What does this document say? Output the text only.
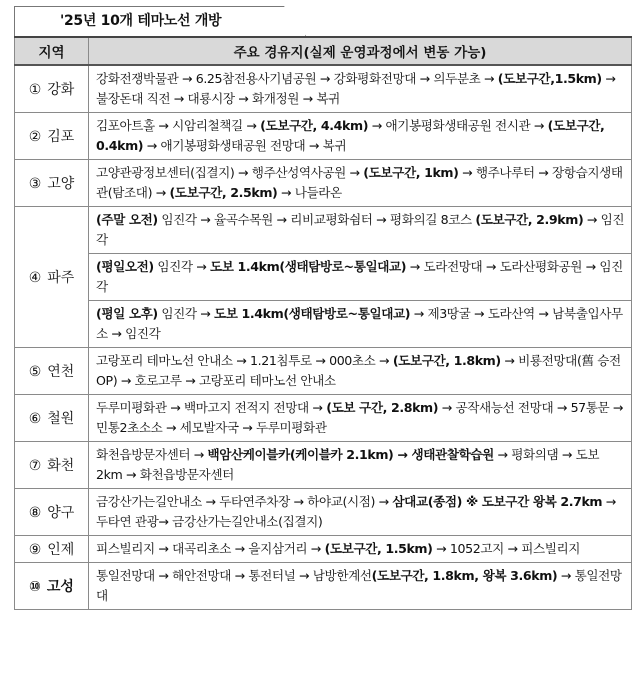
'25년 10개 테마노선 개방
지역	주요 경유지(실제 운영과정에서 변동 가능)
① 강화	강화전쟁박물관 → 6.25참전용사기념공원 → 강화평화전망대 → 의두분초 → (도보구간,1.5km) → 불장돈대 직전 → 대룡시장 → 화개정원 → 복귀
② 김포	김포아트홀 → 시암리철책길 → (도보구간, 4.4km) → 애기봉평화생태공원 전시관 → (도보구간, 0.4km) → 애기봉평화생태공원 전망대 → 복귀
③ 고양	고양관광정보센터(집결지) → 행주산성역사공원 → (도보구간, 1km) → 행주나루터 → 장항습지생태관(탐조대) → (도보구간, 2.5km) → 나들라온
④ 파주	(주말 오전) 임진각 → 율곡수목원 → 리비교평화쉼터 → 평화의길 8코스 (도보구간, 2.9km) → 임진각
	(평일오전) 임진각 → 도보 1.4km(생태탐방로~통일대교) → 도라전망대 → 도라산평화공원 → 임진각
	(평일 오후) 임진각 → 도보 1.4km(생태탐방로~통일대교) → 제3땅굴 → 도라산역 → 남북출입사무소 → 임진각
⑤ 연천	고랑포리 테마노선 안내소 → 1.21침투로 → 000초소 → (도보구간, 1.8km) → 비룡전망대(舊 승전OP) → 호로고루 → 고랑포리 테마노선 안내소
⑥ 철원	두루미평화관 → 백마고지 전적지 전망대 → (도보 구간, 2.8km) → 공작새능선 전망대 → 57통문 → 민통2초소소 → 세모발자국 → 두루미평화관
⑦ 화천	화천읍방문자센터 → 백암산케이블카(케이블카 2.1km) → 생태관찰학습원 → 평화의댐 → 도보 2km → 화천읍방문자센터
⑧ 양구	금강산가는길안내소 → 두타연주차장 → 하야교(시점) → 삼대교(종점) ※ 도보구간 왕복 2.7km → 두타연 관광→ 금강산가는길안내소(집결지)
⑨ 인제	피스빌리지 → 대곡리초소 → 을지삼거리 → (도보구간, 1.5km) → 1052고지 → 피스빌리지
⑩ 고성	통일전망대 → 해안전망대 → 통전터널 → 남방한계선(도보구간, 1.8km, 왕복 3.6km) → 통일전망대
